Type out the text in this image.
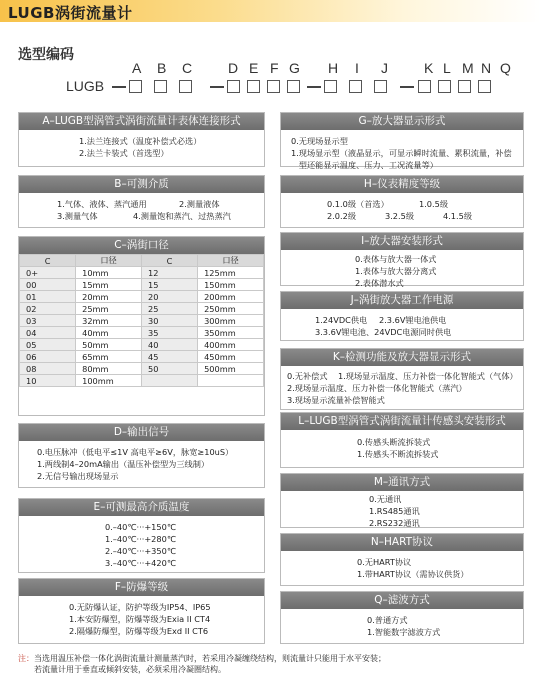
LUGB涡街流量计
选型编码
A B C	D E F G H I J	K L M N Q
LUGB
A–LUGB型涡管式涡街流量计表体连接形式
1.法兰连接式（温度补偿式必选）
2.法兰卡装式（首选型）
B–可测介质
1.气体、液体、蒸汽通用	2.测量液体
3.测量气体	4.测量饱和蒸汽、过热蒸汽
C–涡街口径
C	口径	C	口径
0+	10mm	12	125mm
00	15mm	15	150mm
01	20mm	20	200mm
02	25mm	25	250mm
03	32mm	30	300mm
04	40mm	35	350mm
05	50mm	40	400mm
06	65mm	45	450mm
08	80mm	50	500mm
10	100mm		
D–输出信号
0.电压脉冲（低电平≤1V 高电平≥6V，脉宽≥10uS）
1.两线制4–20mA输出（温压补偿型为三线制）
2.无信号输出现场显示
E–可测最高介质温度
0.–40℃···+150℃
1.–40℃···+280℃
2.–40℃···+350℃
3.–40℃···+420℃
F–防爆等级
0.无防爆认证，防护等级为IP54、IP65
1.本安防爆型，防爆等级为Exia II CT4
2.隔爆防爆型，防爆等级为Exd II CT6
G–放大器显示形式
0.无现场显示型
1.现场显示型（液晶显示，可显示瞬时流量、累积流量，补偿
型还能显示温度、压力、工况流量等）
H–仪表精度等级
0.1.0级（首选）	1.0.5级
2.0.2级	3.2.5级	4.1.5级
I–放大器安装形式
0.表体与放大器一体式
1.表体与放大器分离式
2.表体潜水式
J–涡街放大器工作电源
1.24VDC供电 2.3.6V锂电池供电
3.3.6V锂电池、24VDC电源同时供电
K–检测功能及放大器显示形式
0.无补偿式    1.现场显示温度、压力补偿一体化智能式（气体）
2.现场显示温度、压力补偿一体化智能式（蒸汽）
3.现场显示流量补偿智能式
L–LUGB型涡管式涡街流量计传感头安装形式
0.传感头断流拆装式
1.传感头不断流拆装式
M–通讯方式
0.无通讯
1.RS485通讯
2.RS232通讯
N–HART协议
0.无HART协议
1.带HART协议（需协议供货）
Q–滤波方式
0.普通方式
1.智能数字滤波方式
注：当选用温压补偿一体化涡街流量计测量蒸汽时，若采用冷凝缠绕结构，则流量计只能用于水平安装；
若流量计用于垂直或倾斜安装，必须采用冷凝圈结构。
